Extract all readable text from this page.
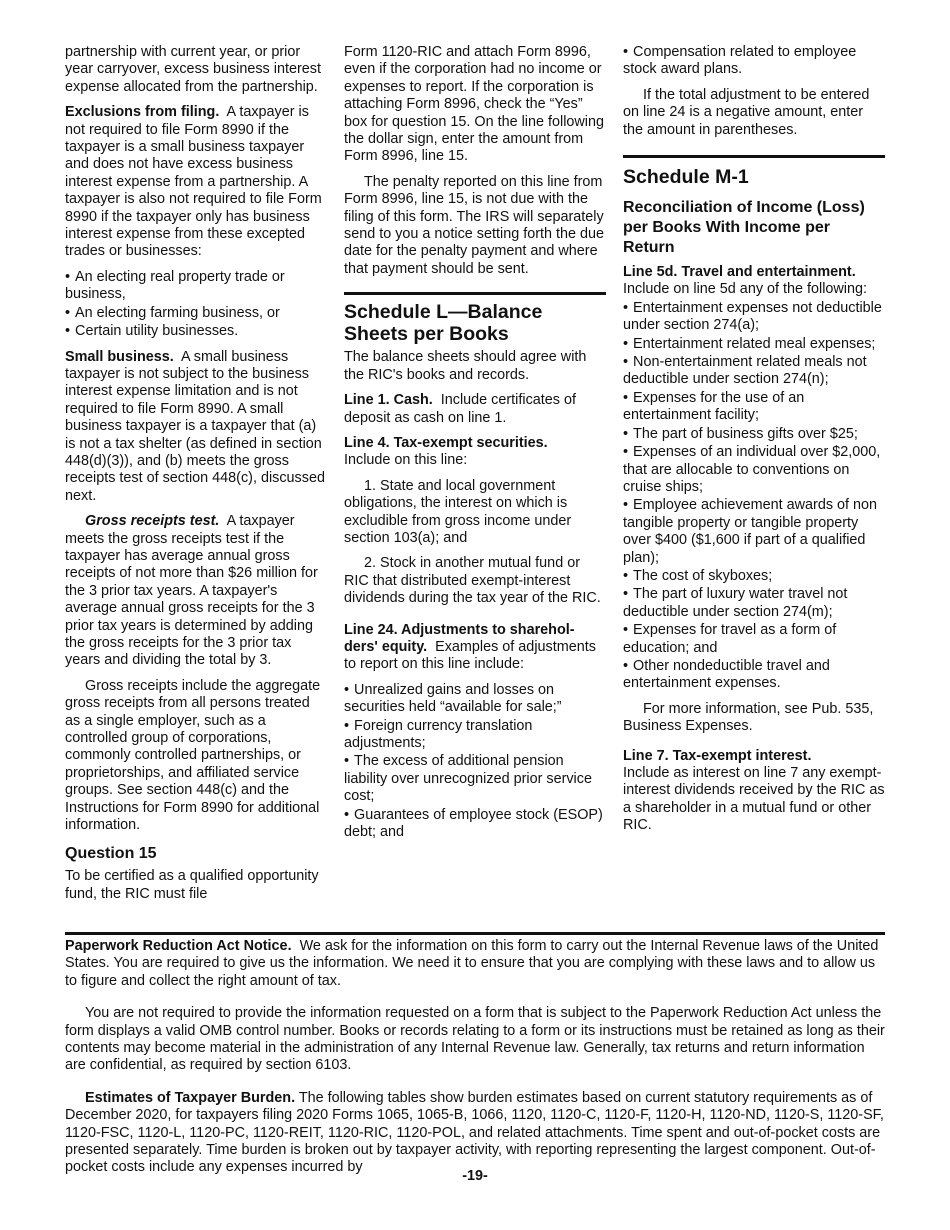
partnership with current year, or prior year carryover, excess business interest expense allocated from the partnership.

Exclusions from filing. A taxpayer is not required to file Form 8990 if the taxpayer is a small business taxpayer and does not have excess business interest expense from a partnership. A taxpayer is also not required to file Form 8990 if the taxpayer only has business interest expense from these excepted trades or businesses:

• An electing real property trade or business,
• An electing farming business, or
• Certain utility businesses.

Small business. A small business taxpayer is not subject to the business interest expense limitation and is not required to file Form 8990. A small business taxpayer is a taxpayer that (a) is not a tax shelter (as defined in section 448(d)(3)), and (b) meets the gross receipts test of section 448(c), discussed next.

Gross receipts test. A taxpayer meets the gross receipts test if the taxpayer has average annual gross receipts of not more than $26 million for the 3 prior tax years. A taxpayer's average annual gross receipts for the 3 prior tax years is determined by adding the gross receipts for the 3 prior tax years and dividing the total by 3.

Gross receipts include the aggregate gross receipts from all persons treated as a single employer, such as a controlled group of corporations, commonly controlled partnerships, or proprietorships, and affiliated service groups. See section 448(c) and the Instructions for Form 8990 for additional information.

Question 15

To be certified as a qualified opportunity fund, the RIC must file

Form 1120-RIC and attach Form 8996, even if the corporation had no income or expenses to report. If the corporation is attaching Form 8996, check the “Yes” box for question 15. On the line following the dollar sign, enter the amount from Form 8996, line 15.

The penalty reported on this line from Form 8996, line 15, is not due with the filing of this form. The IRS will separately send to you a notice setting forth the due date for the penalty payment and where that payment should be sent.

Schedule L—Balance Sheets per Books

The balance sheets should agree with the RIC's books and records.

Line 1. Cash. Include certificates of deposit as cash on line 1.

Line 4. Tax-exempt securities.
Include on this line:

1. State and local government obligations, the interest on which is excludible from gross income under section 103(a); and

2. Stock in another mutual fund or RIC that distributed exempt-interest dividends during the tax year of the RIC.

Line 24. Adjustments to sharehol-ders' equity. Examples of adjustments to report on this line include:

• Unrealized gains and losses on securities held “available for sale;”
• Foreign currency translation adjustments;
• The excess of additional pension liability over unrecognized prior service cost;
• Guarantees of employee stock (ESOP) debt; and
• Compensation related to employee stock award plans.

If the total adjustment to be entered on line 24 is a negative amount, enter the amount in parentheses.

Schedule M-1
Reconciliation of Income (Loss) per Books With Income per Return

Line 5d. Travel and entertainment.
Include on line 5d any of the following:

• Entertainment expenses not deductible under section 274(a);
• Entertainment related meal expenses;
• Non-entertainment related meals not deductible under section 274(n);
• Expenses for the use of an entertainment facility;
• The part of business gifts over $25;
• Expenses of an individual over $2,000, that are allocable to conventions on cruise ships;
• Employee achievement awards of non tangible property or tangible property over $400 ($1,600 if part of a qualified plan);
• The cost of skyboxes;
• The part of luxury water travel not deductible under section 274(m);
• Expenses for travel as a form of education; and
• Other nondeductible travel and entertainment expenses.

For more information, see Pub. 535, Business Expenses.

Line 7. Tax-exempt interest.
Include as interest on line 7 any exempt-interest dividends received by the RIC as a shareholder in a mutual fund or other RIC.

Paperwork Reduction Act Notice. We ask for the information on this form to carry out the Internal Revenue laws of the United States. You are required to give us the information. We need it to ensure that you are complying with these laws and to allow us to figure and collect the right amount of tax.

You are not required to provide the information requested on a form that is subject to the Paperwork Reduction Act unless the form displays a valid OMB control number. Books or records relating to a form or its instructions must be retained as long as their contents may become material in the administration of any Internal Revenue law. Generally, tax returns and return information are confidential, as required by section 6103.

Estimates of Taxpayer Burden. The following tables show burden estimates based on current statutory requirements as of December 2020, for taxpayers filing 2020 Forms 1065, 1065-B, 1066, 1120, 1120-C, 1120-F, 1120-H, 1120-ND, 1120-S, 1120-SF, 1120-FSC, 1120-L, 1120-PC, 1120-REIT, 1120-RIC, 1120-POL, and related attachments. Time spent and out-of-pocket costs are presented separately. Time burden is broken out by taxpayer activity, with reporting representing the largest component. Out-of-pocket costs include any expenses incurred by

-19-
